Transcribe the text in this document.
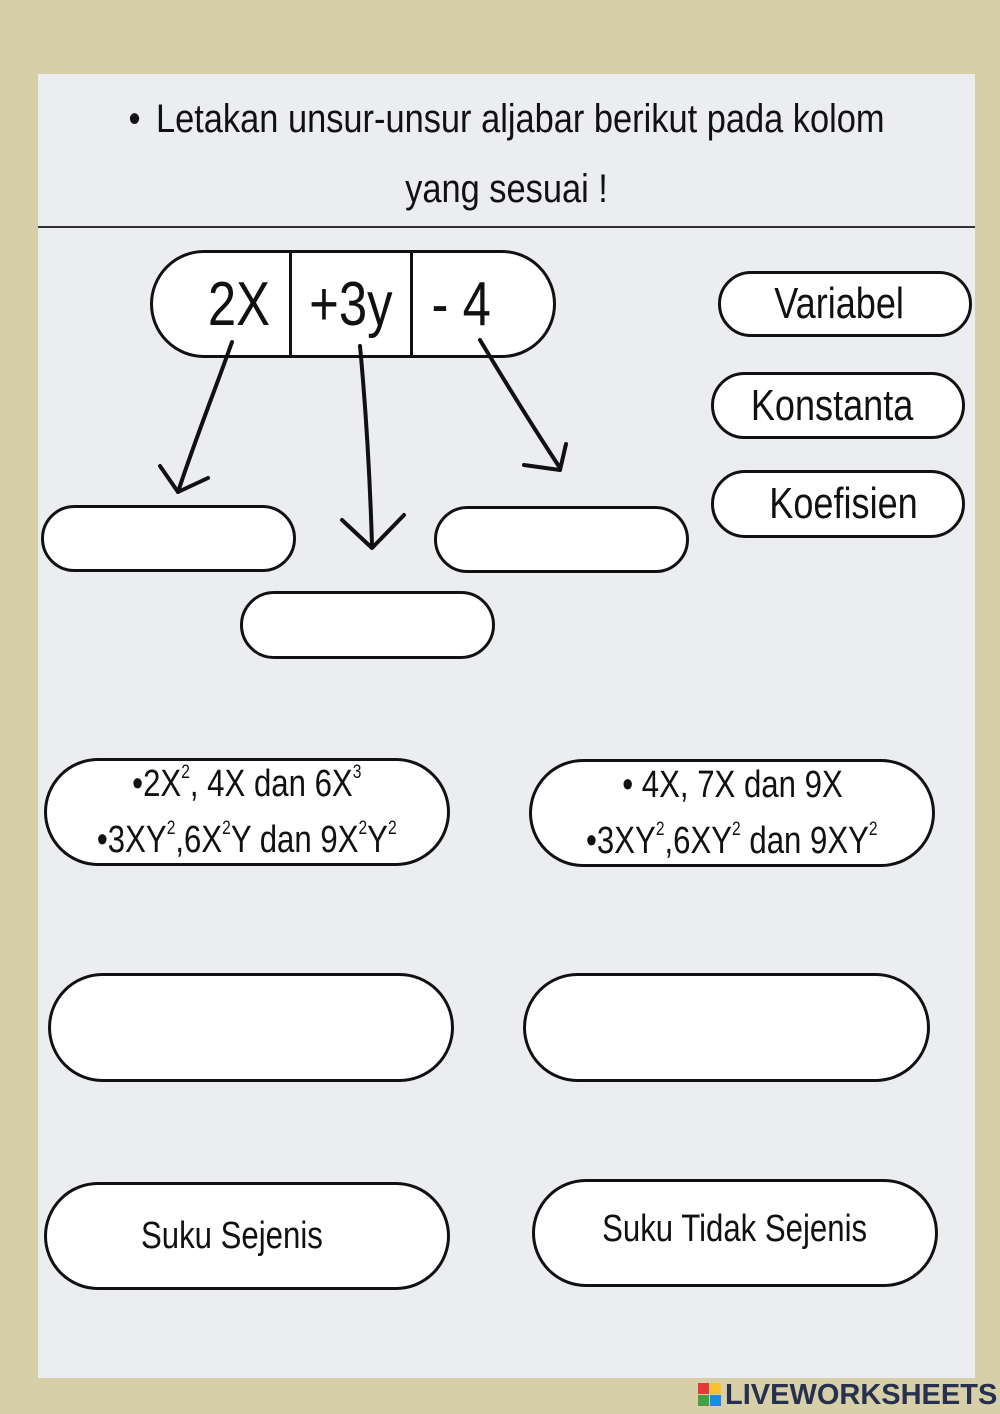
• Letakan unsur-unsur aljabar berikut pada kolom
yang sesuai !
2X +3y - 4	Variabel
Konstanta
Koefisien
$•2X^2$, 4X dan $6X^3$
$•3XY^2,6X^2Y$ dan $9X^2Y^2$
• 4X, 7X dan 9X
$•3XY^2,6XY^2$ dan $9XY^2$
Suku Sejenis	Suku Tidak Sejenis
LIVEWORKSHEETS
